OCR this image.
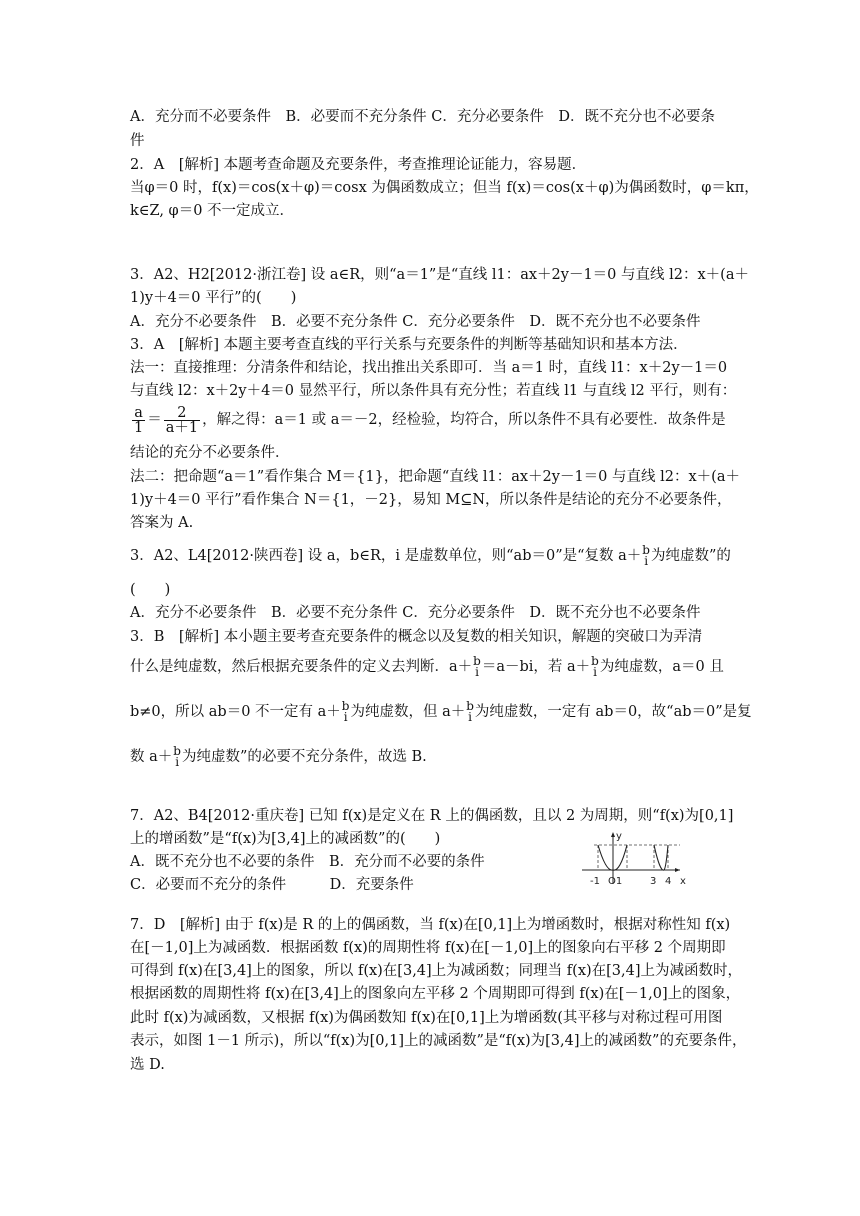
A．充分而不必要条件　B．必要而不充分条件 C．充分必要条件　D．既不充分也不必要条
件
2．A　[解析] 本题考查命题及充要条件，考查推理论证能力，容易题．
当φ＝0 时，f(x)＝cos(x＋φ)＝cosx 为偶函数成立；但当 f(x)＝cos(x＋φ)为偶函数时，φ＝kπ，
k∈Z, φ＝0 不一定成立．
3．A2、H2[2012·浙江卷] 设 a∈R，则“a＝1”是“直线 l1：ax＋2y－1＝0 与直线 l2：x＋(a＋
1)y＋4＝0 平行”的(　　)
A．充分不必要条件　B．必要不充分条件 C．充分必要条件　D．既不充分也不必要条件
3．A　[解析] 本题主要考查直线的平行关系与充要条件的判断等基础知识和基本方法．
法一：直接推理：分清条件和结论，找出推出关系即可．当 a＝1 时，直线 l1：x＋2y－1＝0
与直线 l2：x＋2y＋4＝0 显然平行，所以条件具有充分性；若直线 l1 与直线 l2 平行，则有：
$\frac{a}{1} = \frac{2}{a+1}$ ，解之得：a＝1 或 a＝－2，经检验，均符合，所以条件不具有必要性．故条件是
结论的充分不必要条件．
法二：把命题“a＝1”看作集合 M＝{1}，把命题“直线 l1：ax＋2y－1＝0 与直线 l2：x＋(a＋
1)y＋4＝0 平行”看作集合 N＝{1，－2}，易知 M⊆N，所以条件是结论的充分不必要条件，
答案为 A.
3．A2、L4[2012·陕西卷] 设 a，b∈R，i 是虚数单位，则“ab＝0”是“复数 a＋ b
i 为纯虚数”的
(　　)
A．充分不必要条件　B．必要不充分条件 C．充分必要条件　D．既不充分也不必要条件
3．B　[解析] 本小题主要考查充要条件的概念以及复数的相关知识，解题的突破口为弄清
什么是纯虚数，然后根据充要条件的定义去判断．a＋ b
i ＝a－bi，若 a＋ b
i 为纯虚数，a＝0 且
b≠0，所以 ab＝0 不一定有 a＋ b
i 为纯虚数，但 a＋ b
i 为纯虚数，一定有 ab＝0，故“ab＝0”是复
数 a＋ b
i 为纯虚数”的必要不充分条件，故选 B.
7．A2、B4[2012·重庆卷] 已知 f(x)是定义在 R 上的偶函数，且以 2 为周期，则“f(x)为[0,1]
上的增函数”是“f(x)为[3,4]上的减函数”的(　　)
A．既不充分也不必要的条件　B．充分而不必要的条件
C．必要而不充分的条件　　　D．充要条件
y
x
-1 O1	3 4
7．D　[解析] 由于 f(x)是 R 的上的偶函数，当 f(x)在[0,1]上为增函数时，根据对称性知 f(x)
在[－1,0]上为减函数．根据函数 f(x)的周期性将 f(x)在[－1,0]上的图象向右平移 2 个周期即
可得到 f(x)在[3,4]上的图象，所以 f(x)在[3,4]上为减函数；同理当 f(x)在[3,4]上为减函数时，
根据函数的周期性将 f(x)在[3,4]上的图象向左平移 2 个周期即可得到 f(x)在[－1,0]上的图象，
此时 f(x)为减函数，又根据 f(x)为偶函数知 f(x)在[0,1]上为增函数(其平移与对称过程可用图
表示，如图 1－1 所示)，所以“f(x)为[0,1]上的减函数”是“f(x)为[3,4]上的减函数”的充要条件，
选 D.
